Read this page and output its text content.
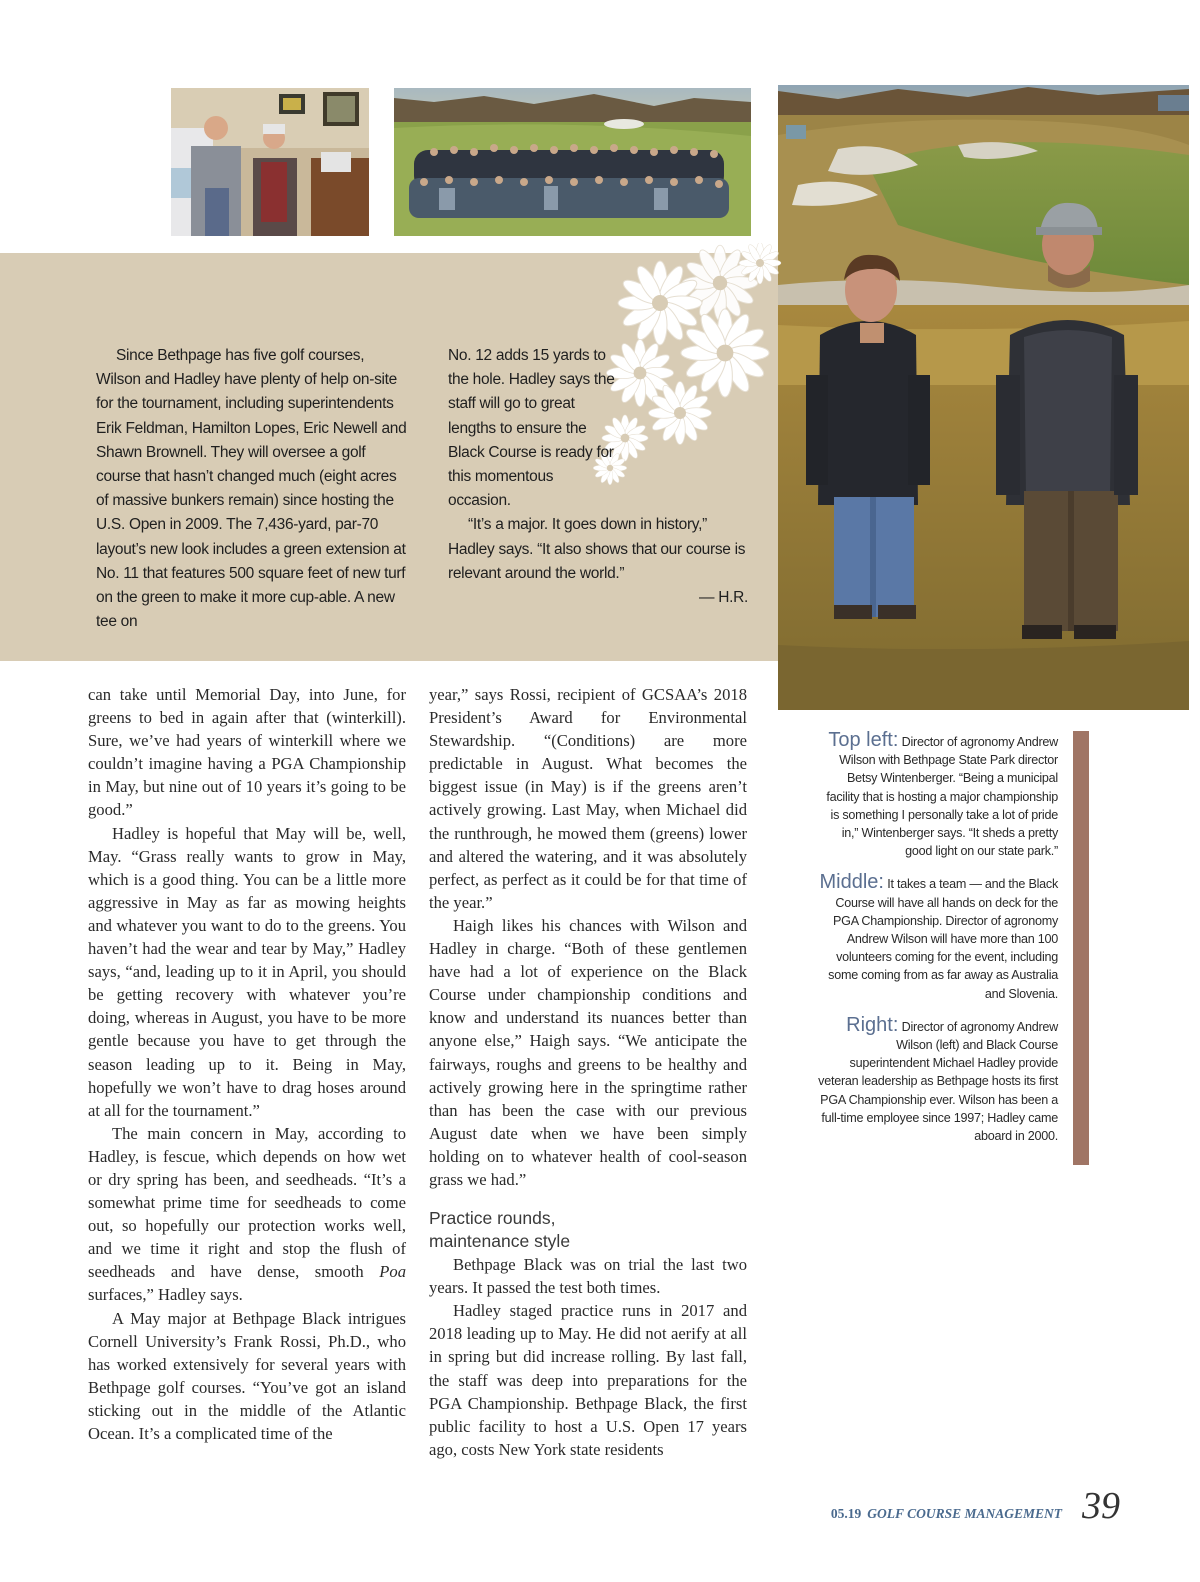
Since Bethpage has five golf courses, Wilson and Hadley have plenty of help on-site for the tournament, including superintendents Erik Feldman, Hamilton Lopes, Eric Newell and Shawn Brownell. They will oversee a golf course that hasn’t changed much (eight acres of massive bunkers remain) since hosting the U.S. Open in 2009. The 7,436-yard, par-70 layout’s new look includes a green extension at No. 11 that features 500 square feet of new turf on the green to make it more cup-able. A new tee on

No. 12 adds 15 yards to the hole. Hadley says the staff will go to great lengths to ensure the Black Course is ready for this momentous occasion.

“It’s a major. It goes down in history,” Hadley says. “It also shows that our course is relevant around the world.”

— H.R.

can take until Memorial Day, into June, for greens to bed in again after that (winterkill). Sure, we’ve had years of winterkill where we couldn’t imagine having a PGA Championship in May, but nine out of 10 years it’s going to be good.”

Hadley is hopeful that May will be, well, May. “Grass really wants to grow in May, which is a good thing. You can be a little more aggressive in May as far as mowing heights and whatever you want to do to the greens. You haven’t had the wear and tear by May,” Hadley says, “and, leading up to it in April, you should be getting recovery with whatever you’re doing, whereas in August, you have to be more gentle because you have to get through the season leading up to it. Being in May, hopefully we won’t have to drag hoses around at all for the tournament.”

The main concern in May, according to Hadley, is fescue, which depends on how wet or dry spring has been, and seedheads. “It’s a somewhat prime time for seedheads to come out, so hopefully our protection works well, and we time it right and stop the flush of seedheads and have dense, smooth Poa surfaces,” Hadley says.

A May major at Bethpage Black intrigues Cornell University’s Frank Rossi, Ph.D., who has worked extensively for several years with Bethpage golf courses. “You’ve got an island sticking out in the middle of the Atlantic Ocean. It’s a complicated time of the

year,” says Rossi, recipient of GCSAA’s 2018 President’s Award for Environmental Stewardship. “(Conditions) are more predictable in August. What becomes the biggest issue (in May) is if the greens aren’t actively growing. Last May, when Michael did the runthrough, he mowed them (greens) lower and altered the watering, and it was absolutely perfect, as perfect as it could be for that time of the year.”

Haigh likes his chances with Wilson and Hadley in charge. “Both of these gentlemen have had a lot of experience on the Black Course under championship conditions and know and understand its nuances better than anyone else,” Haigh says. “We anticipate the fairways, roughs and greens to be healthy and actively growing here in the springtime rather than has been the case with our previous August date when we have been simply holding on to whatever health of cool-season grass we had.”

Practice rounds,
maintenance style

Bethpage Black was on trial the last two years. It passed the test both times.

Hadley staged practice runs in 2017 and 2018 leading up to May. He did not aerify at all in spring but did increase rolling. By last fall, the staff was deep into preparations for the PGA Championship. Bethpage Black, the first public facility to host a U.S. Open 17 years ago, costs New York state residents

Top left: Director of agronomy Andrew Wilson with Bethpage State Park director Betsy Wintenberger. “Being a municipal facility that is hosting a major championship is something I personally take a lot of pride in,” Wintenberger says. “It sheds a pretty good light on our state park.”

Middle: It takes a team — and the Black Course will have all hands on deck for the PGA Championship. Director of agronomy Andrew Wilson will have more than 100 volunteers coming for the event, including some coming from as far away as Australia and Slovenia.

Right: Director of agronomy Andrew Wilson (left) and Black Course superintendent Michael Hadley provide veteran leadership as Bethpage hosts its first PGA Championship ever. Wilson has been a full-time employee since 1997; Hadley came aboard in 2000.

05.19 GOLF COURSE MANAGEMENT 39
